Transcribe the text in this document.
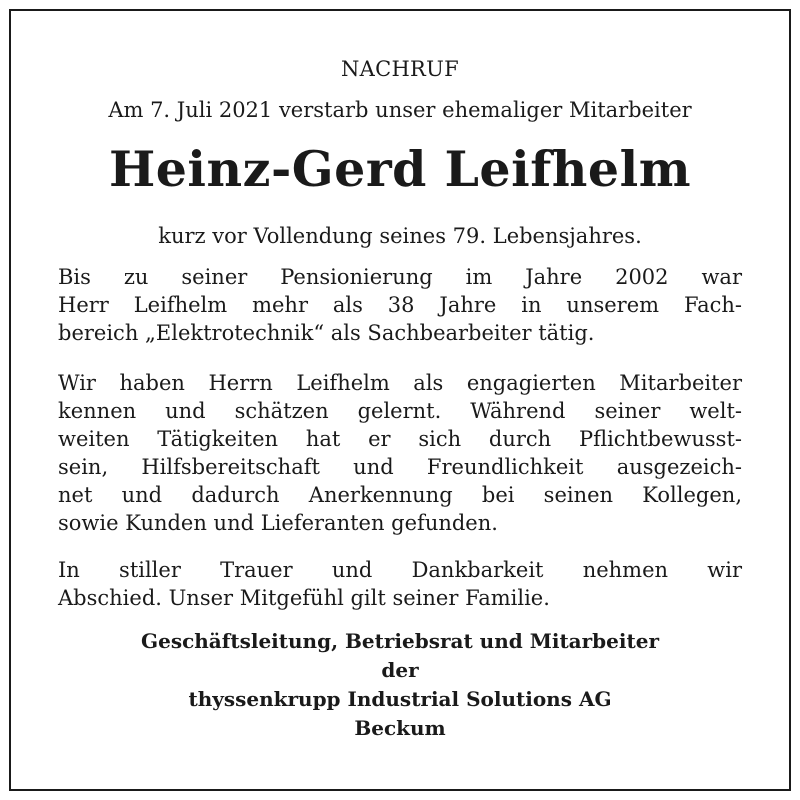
NACHRUF
Am 7. Juli 2021 verstarb unser ehemaliger Mitarbeiter
Heinz-Gerd Leifhelm
kurz vor Vollendung seines 79. Lebensjahres.
Bis zu seiner Pensionierung im Jahre 2002 war
Herr Leifhelm mehr als 38 Jahre in unserem Fach-
bereich „Elektrotechnik“ als Sachbearbeiter tätig.
Wir haben Herrn Leifhelm als engagierten Mitarbeiter
kennen und schätzen gelernt. Während seiner welt-
weiten Tätigkeiten hat er sich durch Pflichtbewusst-
sein, Hilfsbereitschaft und Freundlichkeit ausgezeich-
net und dadurch Anerkennung bei seinen Kollegen,
sowie Kunden und Lieferanten gefunden.
In stiller Trauer und Dankbarkeit nehmen wir
Abschied. Unser Mitgefühl gilt seiner Familie.
Geschäftsleitung, Betriebsrat und Mitarbeiter
der
thyssenkrupp Industrial Solutions AG
Beckum
